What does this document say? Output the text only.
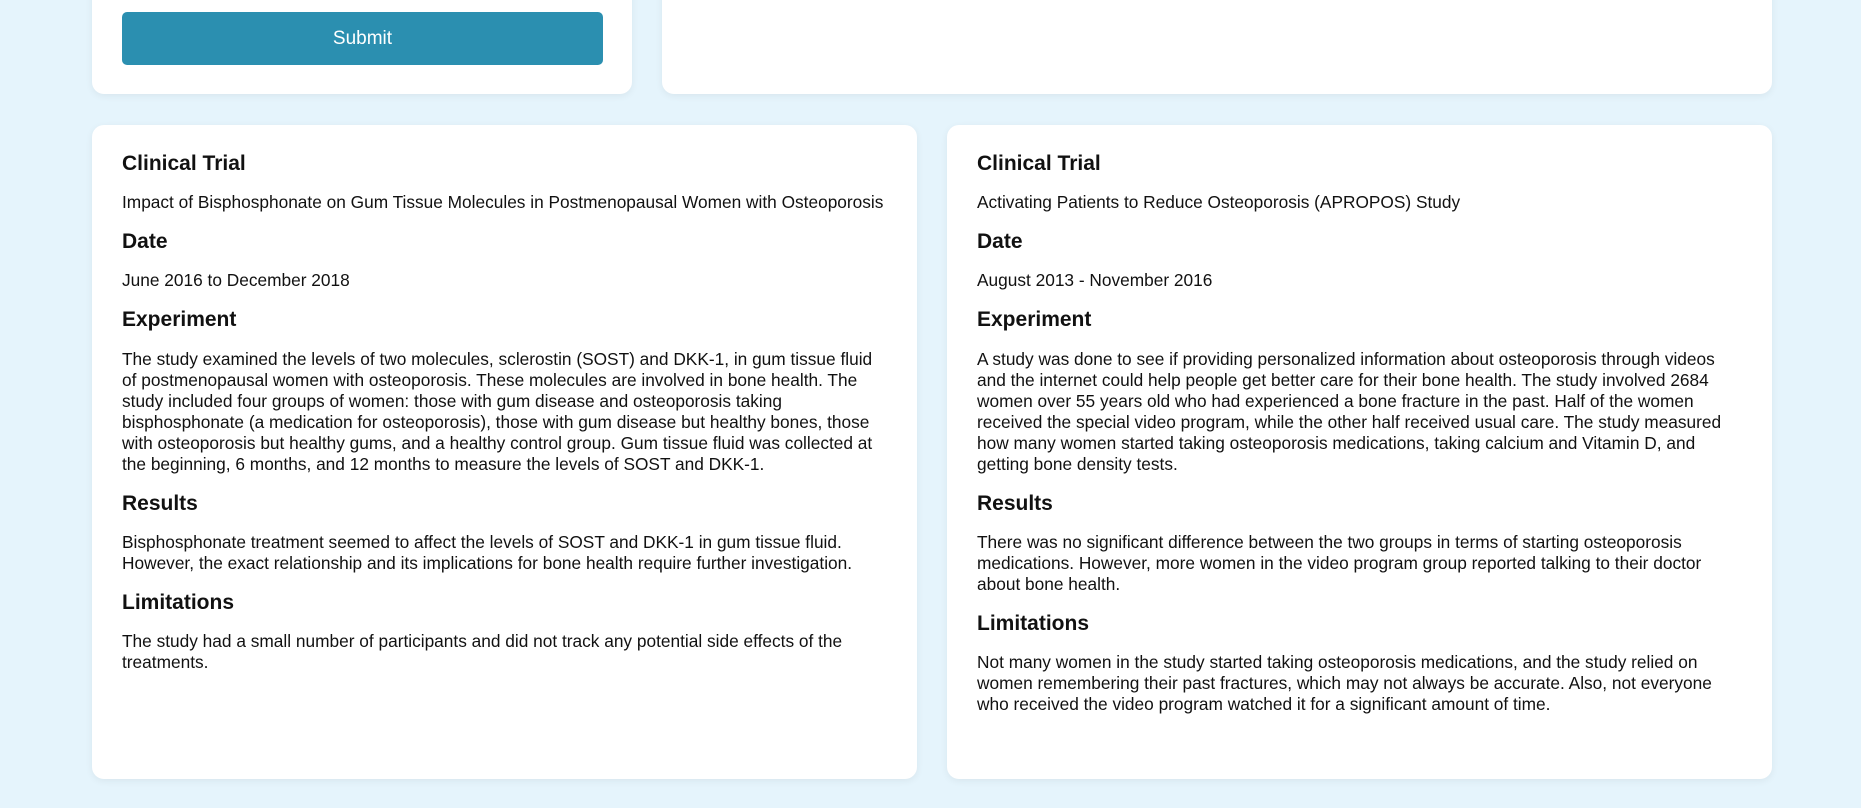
Submit
Clinical Trial

Impact of Bisphosphonate on Gum Tissue Molecules in Postmenopausal Women with Osteoporosis

Date

June 2016 to December 2018

Experiment

The study examined the levels of two molecules, sclerostin (SOST) and DKK-1, in gum tissue fluid of postmenopausal women with osteoporosis. These molecules are involved in bone health. The study included four groups of women: those with gum disease and osteoporosis taking bisphosphonate (a medication for osteoporosis), those with gum disease but healthy bones, those with osteoporosis but healthy gums, and a healthy control group. Gum tissue fluid was collected at the beginning, 6 months, and 12 months to measure the levels of SOST and DKK-1.

Results

Bisphosphonate treatment seemed to affect the levels of SOST and DKK-1 in gum tissue fluid. However, the exact relationship and its implications for bone health require further investigation.

Limitations

The study had a small number of participants and did not track any potential side effects of the treatments.

Clinical Trial

Activating Patients to Reduce Osteoporosis (APROPOS) Study

Date

August 2013 - November 2016

Experiment

A study was done to see if providing personalized information about osteoporosis through videos and the internet could help people get better care for their bone health. The study involved 2684 women over 55 years old who had experienced a bone fracture in the past. Half of the women received the special video program, while the other half received usual care. The study measured how many women started taking osteoporosis medications, taking calcium and Vitamin D, and getting bone density tests.

Results

There was no significant difference between the two groups in terms of starting osteoporosis medications. However, more women in the video program group reported talking to their doctor about bone health.

Limitations

Not many women in the study started taking osteoporosis medications, and the study relied on women remembering their past fractures, which may not always be accurate. Also, not everyone who received the video program watched it for a significant amount of time.
